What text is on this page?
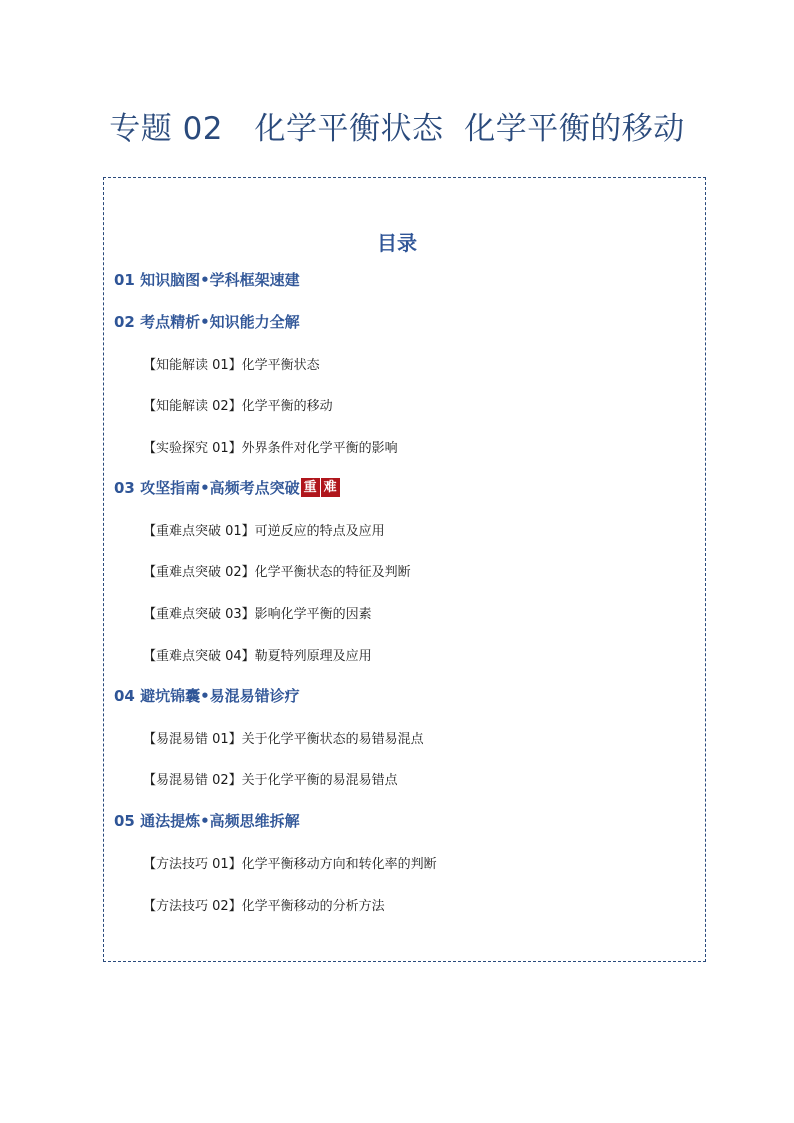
专题 02　化学平衡状态  化学平衡的移动
目录
01 知识脑图•学科框架速建
02 考点精析•知识能力全解
【知能解读 01】化学平衡状态
【知能解读 02】化学平衡的移动
【实验探究 01】外界条件对化学平衡的影响
03 攻坚指南•高频考点突破 重 难
【重难点突破 01】可逆反应的特点及应用
【重难点突破 02】化学平衡状态的特征及判断
【重难点突破 03】影响化学平衡的因素
【重难点突破 04】勒夏特列原理及应用
04 避坑锦囊•易混易错诊疗
【易混易错 01】关于化学平衡状态的易错易混点
【易混易错 02】关于化学平衡的易混易错点
05 通法提炼•高频思维拆解
【方法技巧 01】化学平衡移动方向和转化率的判断
【方法技巧 02】化学平衡移动的分析方法
